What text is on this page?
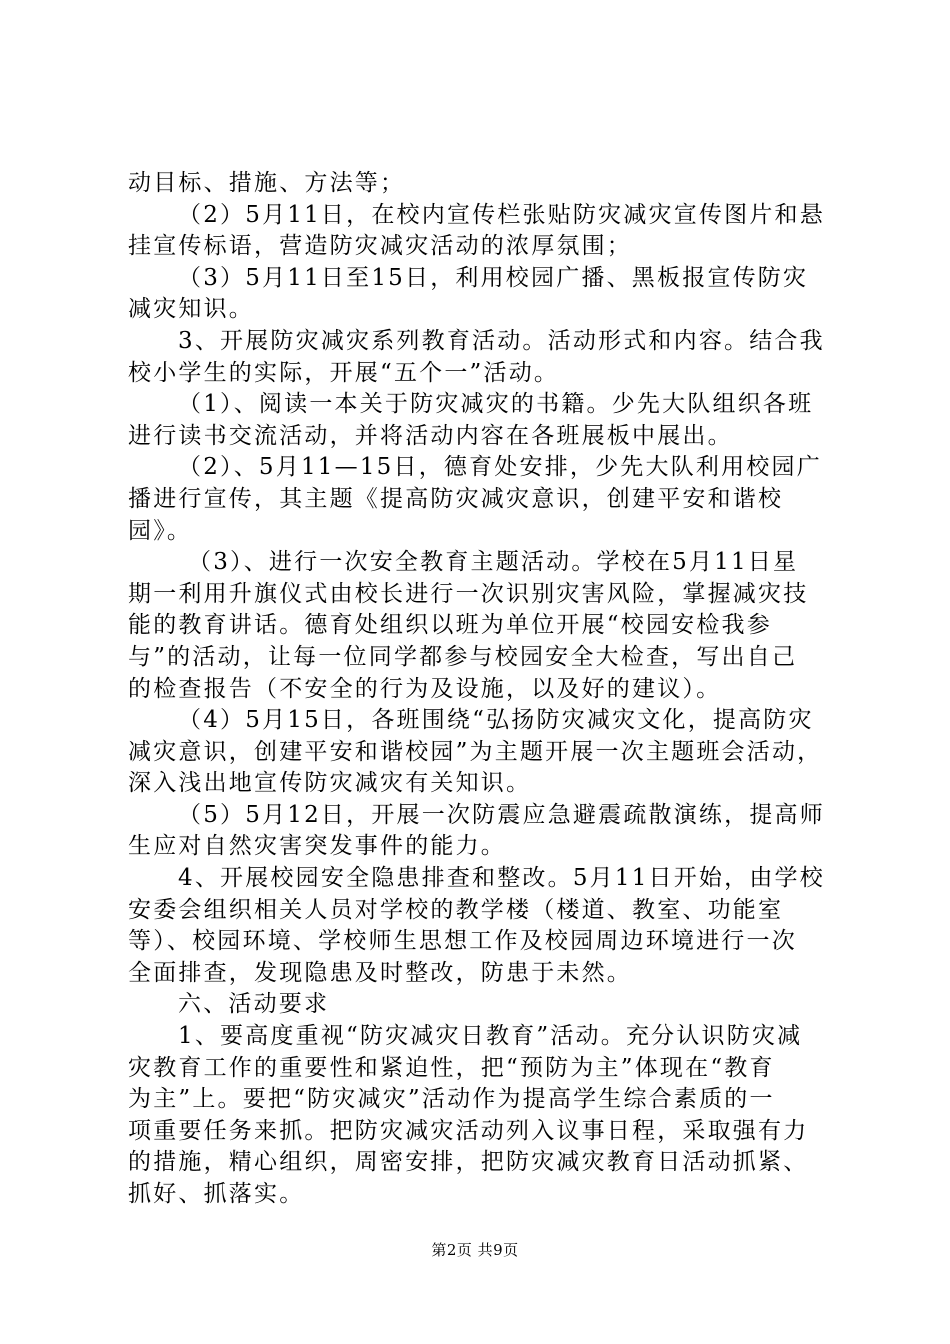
动目标、措施、方法等；
（2）5月11日，在校内宣传栏张贴防灾减灾宣传图片和悬
挂宣传标语，营造防灾减灾活动的浓厚氛围；
（3）5月11日至15日，利用校园广播、黑板报宣传防灾
减灾知识。
3、开展防灾减灾系列教育活动。活动形式和内容。结合我
校小学生的实际，开展“五个一”活动。
（1）、阅读一本关于防灾减灾的书籍。少先大队组织各班
进行读书交流活动，并将活动内容在各班展板中展出。
（2）、5月11—15日，德育处安排，少先大队利用校园广
播进行宣传，其主题《提高防灾减灾意识，创建平安和谐校
园》。
（3）、进行一次安全教育主题活动。学校在5月11日星
期一利用升旗仪式由校长进行一次识别灾害风险，掌握减灾技
能的教育讲话。德育处组织以班为单位开展“校园安检我参
与”的活动，让每一位同学都参与校园安全大检查，写出自己
的检查报告（不安全的行为及设施，以及好的建议）。
（4）5月15日，各班围绕“弘扬防灾减灾文化，提高防灾
减灾意识，创建平安和谐校园”为主题开展一次主题班会活动，
深入浅出地宣传防灾减灾有关知识。
（5）5月12日，开展一次防震应急避震疏散演练，提高师
生应对自然灾害突发事件的能力。
4、开展校园安全隐患排查和整改。5月11日开始，由学校
安委会组织相关人员对学校的教学楼（楼道、教室、功能室
等）、校园环境、学校师生思想工作及校园周边环境进行一次
全面排查，发现隐患及时整改，防患于未然。
六、活动要求
1、要高度重视“防灾减灾日教育”活动。充分认识防灾减
灾教育工作的重要性和紧迫性，把“预防为主”体现在“教育
为主”上。要把“防灾减灾”活动作为提高学生综合素质的一
项重要任务来抓。把防灾减灾活动列入议事日程，采取强有力
的措施，精心组织，周密安排，把防灾减灾教育日活动抓紧、
抓好、抓落实。
第2页 共9页
